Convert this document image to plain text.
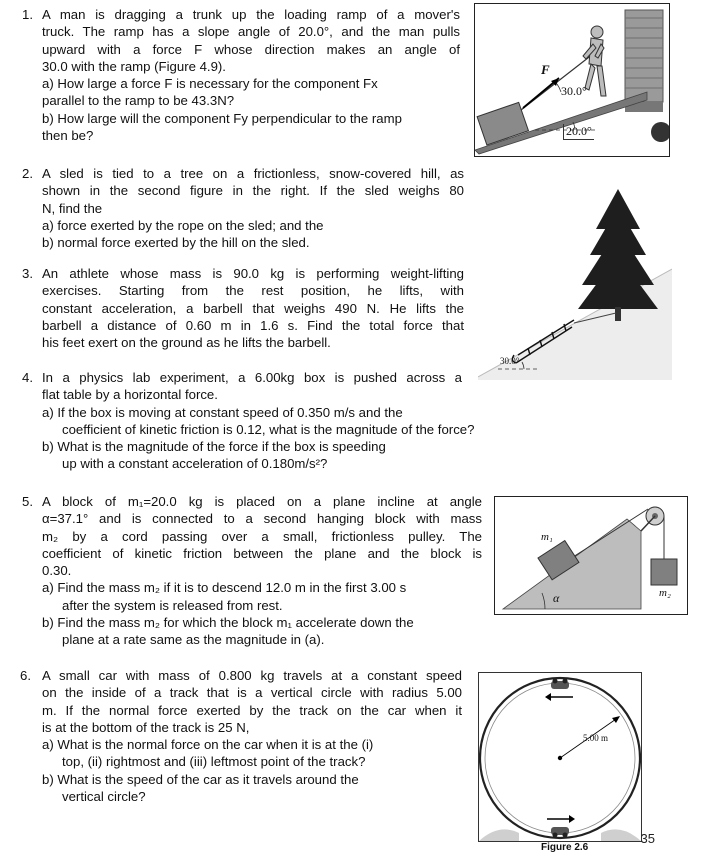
1. A man is dragging a trunk up the loading ramp of a mover's
truck. The ramp has a slope angle of 20.0°, and the man pulls
upward with a force F whose direction makes an angle of
30.0 with the ramp (Figure 4.9).
a) How large a force F is necessary for the component Fx
parallel to the ramp to be 43.3N?
b) How large will the component Fy perpendicular to the ramp
then be?
2. A sled is tied to a tree on a frictionless, snow-covered hill, as
shown in the second figure in the right. If the sled weighs 80
N, find the
a) force exerted by the rope on the sled; and the
b) normal force exerted by the hill on the sled.
3. An athlete whose mass is 90.0 kg is performing weight-lifting
exercises. Starting from the rest position, he lifts, with
constant acceleration, a barbell that weighs 490 N. He lifts the
barbell a distance of 0.60 m in 1.6 s. Find the total force that
his feet exert on the ground as he lifts the barbell.
4. In a physics lab experiment, a 6.00kg box is pushed across a
flat table by a horizontal force.
a) If the box is moving at constant speed of 0.350 m/s and the
coefficient of kinetic friction is 0.12, what is the magnitude of the force?
b) What is the magnitude of the force if the box is speeding
up with a constant acceleration of 0.180m/s²?
5. A block of m₁=20.0 kg is placed on a plane incline at angle
α=37.1° and is connected to a second hanging block with mass
m₂ by a cord passing over a small, frictionless pulley. The
coefficient of kinetic friction between the plane and the block is
0.30.
a) Find the mass m₂ if it is to descend 12.0 m in the first 3.00 s
after the system is released from rest.
b) Find the mass m₂ for which the block m₁ accelerate down the
plane at a rate same as the magnitude in (a).
6. A small car with mass of 0.800 kg travels at a constant speed
on the inside of a track that is a vertical circle with radius 5.00
m. If the normal force exerted by the track on the car when it
is at the bottom of the track is 25 N,
a) What is the normal force on the car when it is at the (i)
top, (ii) rightmost and (iii) leftmost point of the track?
b) What is the speed of the car as it travels around the
vertical circle?
F
30.0°
20.0°
30.0°
m₁
m₂
α
5.00 m
Figure 2.6
35
